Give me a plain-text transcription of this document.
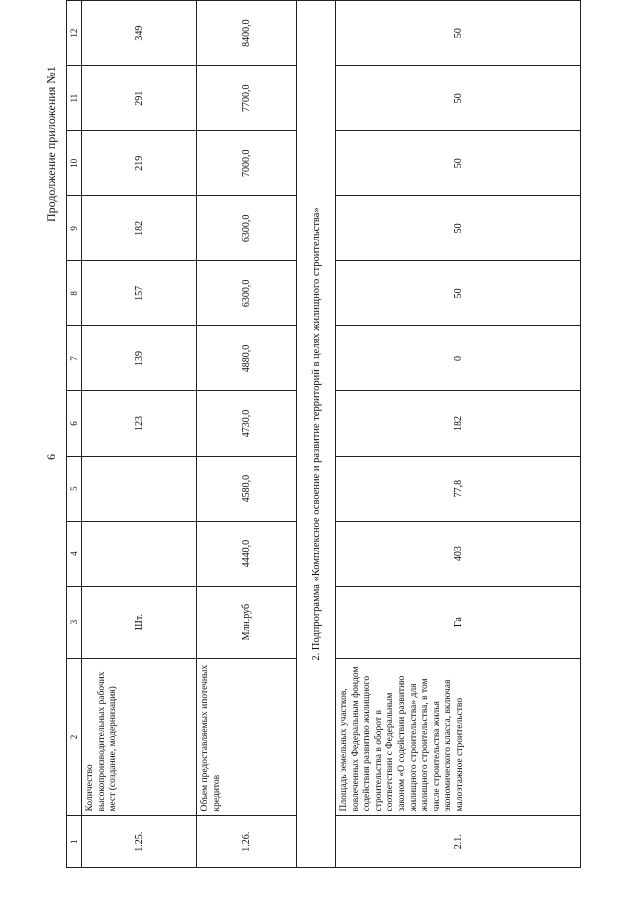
6
Продолжение приложения №1
1	2	3	4	5	6	7	8	9	10	11	12
1.25.	Количество высокопроизводительных рабочих мест (создание, модернизация)	Шт.			123	139	157	182	219	291	349
1.26.	Объем предоставляемых ипотечных кредитов	Млн.руб	4440,0	4580,0	4730,0	4880,0	6300,0	6300,0	7000,0	7700,0	8400,0
2. Подпрограмма «Комплексное освоение и развитие территорий в целях жилищного строительства»											
2.1.	Площадь земельных участков, вовлеченных Федеральным фондом содействия развитию жилищного строительства в оборот в соответствии с Федеральным законом «О содействии развитию жилищного строительства» для жилищного строительства, в том числе строительства жилья экономического класса, включая малоэтажное строительство	Га	403	77,8	182	0	50	50	50	50	50
